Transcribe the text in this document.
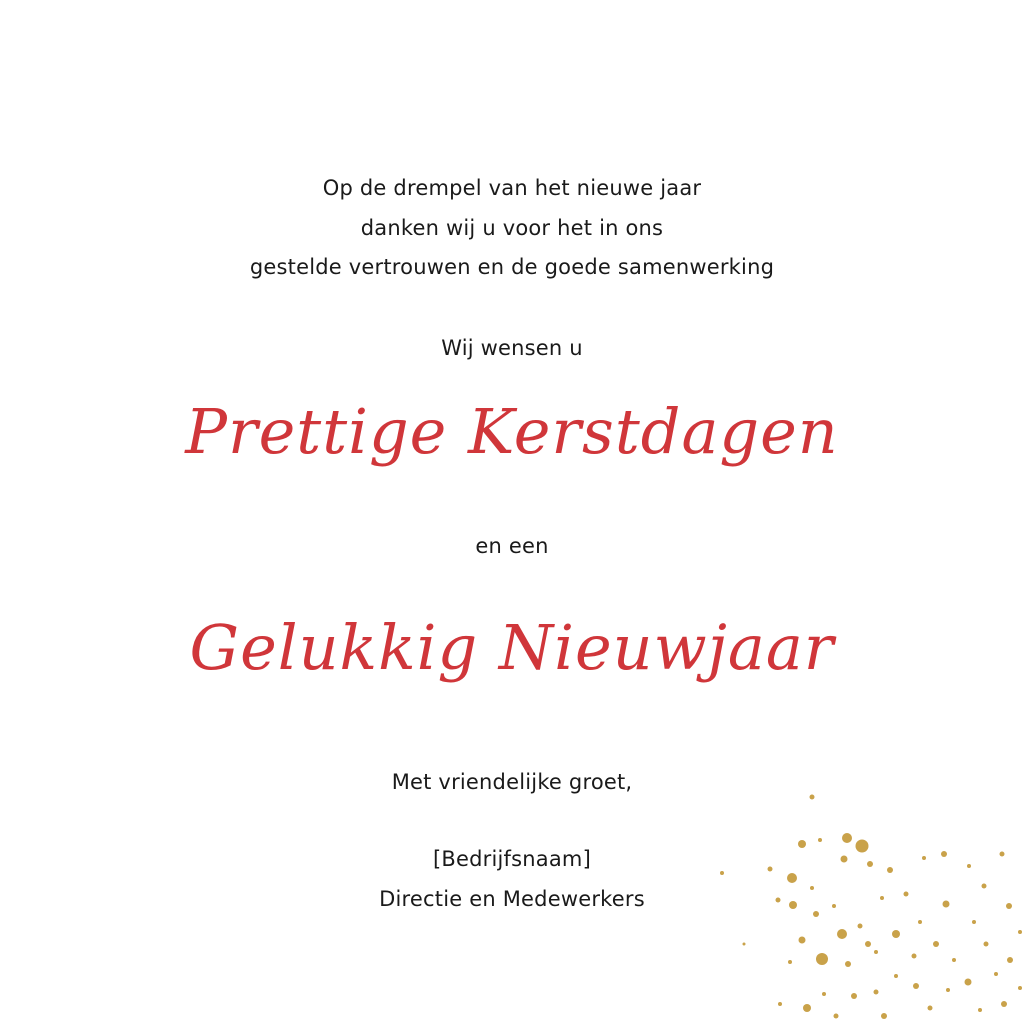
Op de drempel van het nieuwe jaar
danken wij u voor het in ons
gestelde vertrouwen en de goede samenwerking
Wij wensen u
Prettige Kerstdagen
en een
Gelukkig Nieuwjaar
Met vriendelijke groet,
[Bedrijfsnaam]
Directie en Medewerkers
